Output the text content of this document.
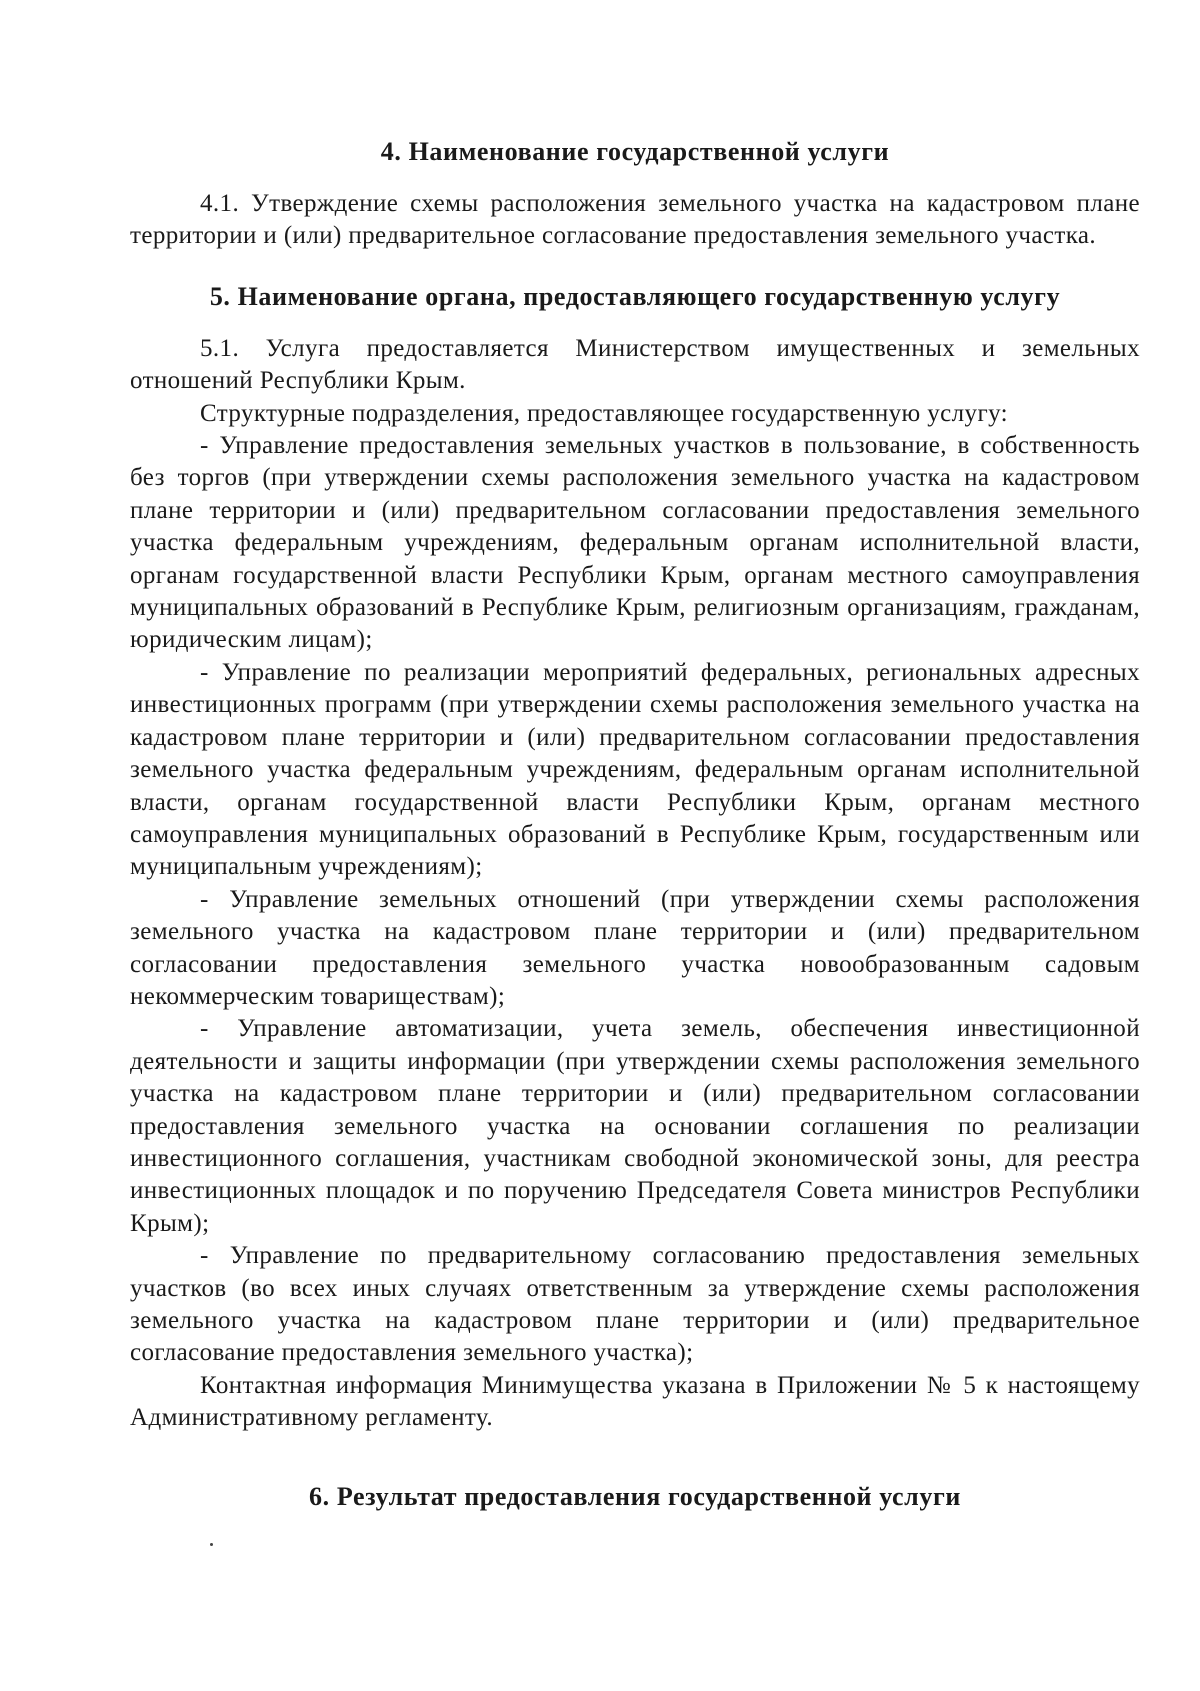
4. Наименование государственной услуги

4.1. Утверждение схемы расположения земельного участка на кадастровом плане территории и (или) предварительное согласование предоставления земельного участка.

5. Наименование органа, предоставляющего государственную услугу

5.1. Услуга предоставляется Министерством имущественных и земельных отношений Республики Крым.

Структурные подразделения, предоставляющее государственную услугу:

- Управление предоставления земельных участков в пользование, в собственность без торгов (при утверждении схемы расположения земельного участка на кадастровом плане территории и (или) предварительном согласовании предоставления земельного участка федеральным учреждениям, федеральным органам исполнительной власти, органам государственной власти Республики Крым, органам местного самоуправления муниципальных образований в Республике Крым, религиозным организациям, гражданам, юридическим лицам);

- Управление по реализации мероприятий федеральных, региональных адресных инвестиционных программ (при утверждении схемы расположения земельного участка на кадастровом плане территории и (или) предварительном согласовании предоставления земельного участка федеральным учреждениям, федеральным органам исполнительной власти, органам государственной власти Республики Крым, органам местного самоуправления муниципальных образований в Республике Крым, государственным или муниципальным учреждениям);

- Управление земельных отношений (при утверждении схемы расположения земельного участка на кадастровом плане территории и (или) предварительном согласовании предоставления земельного участка новообразованным садовым некоммерческим товариществам);

- Управление автоматизации, учета земель, обеспечения инвестиционной деятельности и защиты информации (при утверждении схемы расположения земельного участка на кадастровом плане территории и (или) предварительном согласовании предоставления земельного участка на основании соглашения по реализации инвестиционного соглашения, участникам свободной экономической зоны, для реестра инвестиционных площадок и по поручению Председателя Совета министров Республики Крым);

- Управление по предварительному согласованию предоставления земельных участков (во всех иных случаях ответственным за утверждение схемы расположения земельного участка на кадастровом плане территории и (или) предварительное согласование предоставления земельного участка);

Контактная информация Минимущества указана в Приложении № 5 к настоящему Административному регламенту.

6. Результат предоставления государственной услуги
